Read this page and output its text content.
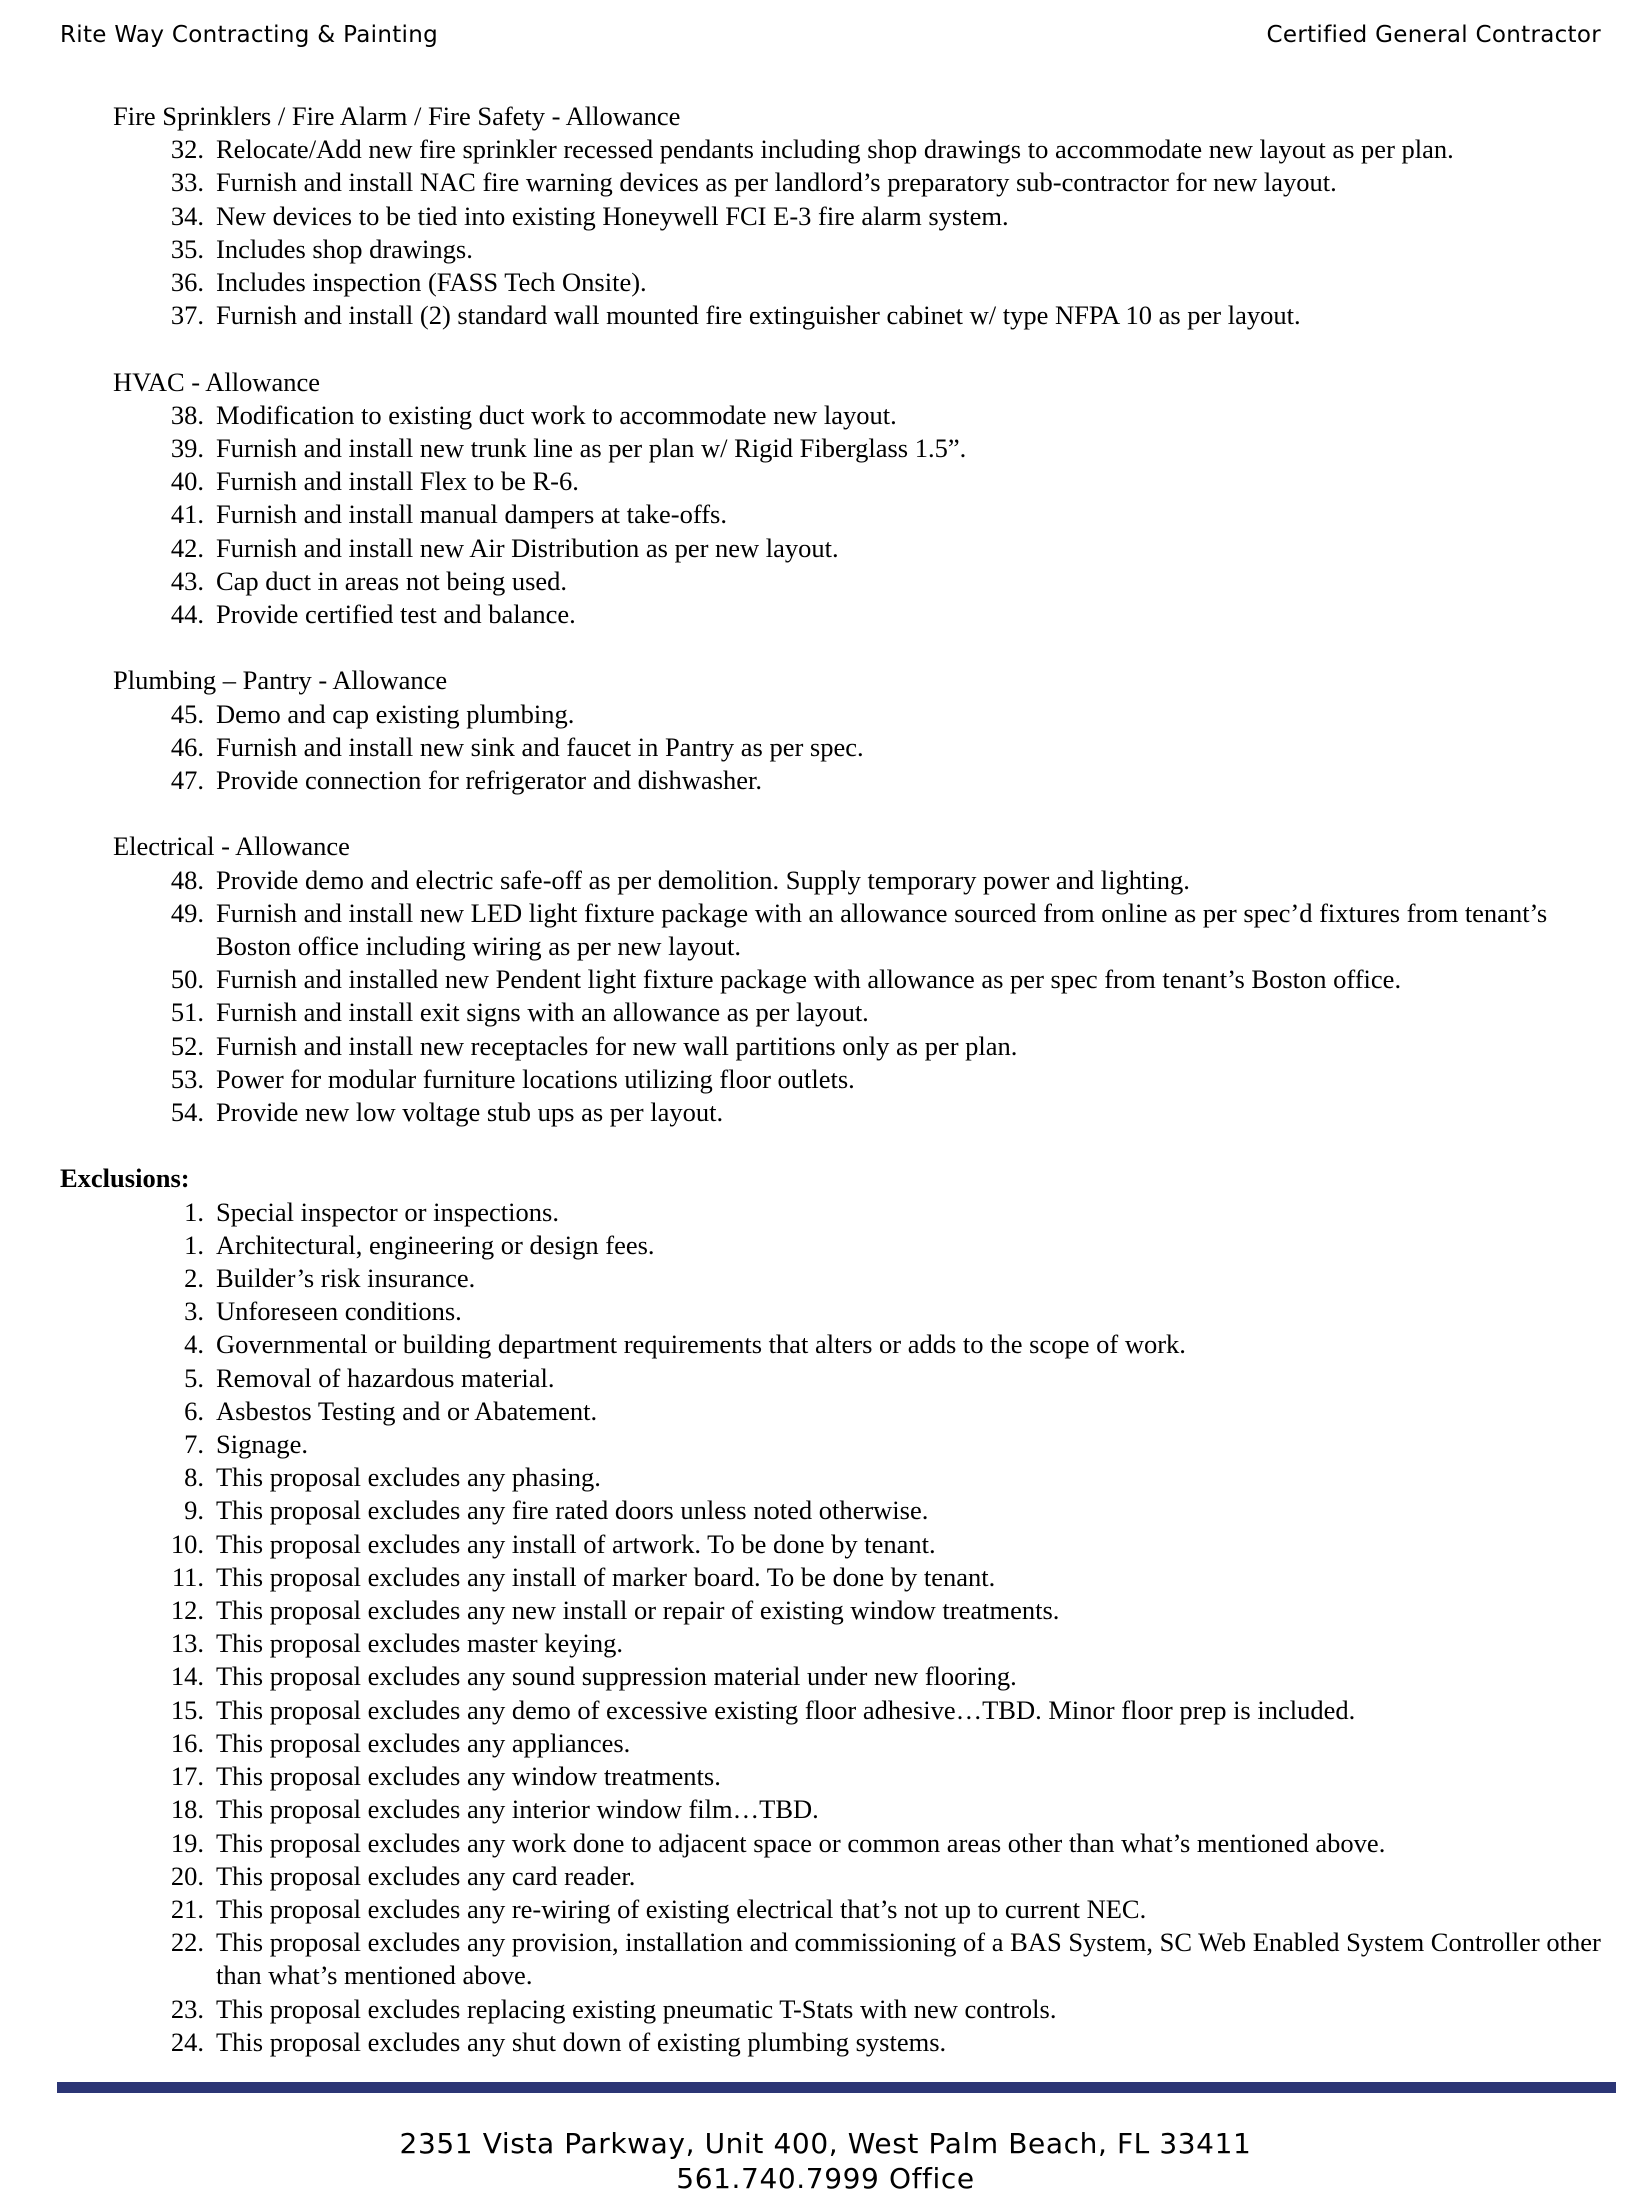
Rite Way Contracting & Painting	Certified General Contractor
Fire Sprinklers / Fire Alarm / Fire Safety - Allowance
32. Relocate/Add new fire sprinkler recessed pendants including shop drawings to accommodate new layout as per plan.
33. Furnish and install NAC fire warning devices as per landlord’s preparatory sub-contractor for new layout.
34. New devices to be tied into existing Honeywell FCI E-3 fire alarm system.
35. Includes shop drawings.
36. Includes inspection (FASS Tech Onsite).
37. Furnish and install (2) standard wall mounted fire extinguisher cabinet w/ type NFPA 10 as per layout.
HVAC - Allowance
38. Modification to existing duct work to accommodate new layout.
39. Furnish and install new trunk line as per plan w/ Rigid Fiberglass 1.5”.
40. Furnish and install Flex to be R-6.
41. Furnish and install manual dampers at take-offs.
42. Furnish and install new Air Distribution as per new layout.
43. Cap duct in areas not being used.
44. Provide certified test and balance.
Plumbing – Pantry - Allowance
45. Demo and cap existing plumbing.
46. Furnish and install new sink and faucet in Pantry as per spec.
47. Provide connection for refrigerator and dishwasher.
Electrical - Allowance
48. Provide demo and electric safe-off as per demolition. Supply temporary power and lighting.
49. Furnish and install new LED light fixture package with an allowance sourced from online as per spec’d fixtures from tenant’s Boston office including wiring as per new layout.
50. Furnish and installed new Pendent light fixture package with allowance as per spec from tenant’s Boston office.
51. Furnish and install exit signs with an allowance as per layout.
52. Furnish and install new receptacles for new wall partitions only as per plan.
53. Power for modular furniture locations utilizing floor outlets.
54. Provide new low voltage stub ups as per layout.
Exclusions:
1. Special inspector or inspections.
1. Architectural, engineering or design fees.
2. Builder’s risk insurance.
3. Unforeseen conditions.
4. Governmental or building department requirements that alters or adds to the scope of work.
5. Removal of hazardous material.
6. Asbestos Testing and or Abatement.
7. Signage.
8. This proposal excludes any phasing.
9. This proposal excludes any fire rated doors unless noted otherwise.
10. This proposal excludes any install of artwork. To be done by tenant.
11. This proposal excludes any install of marker board. To be done by tenant.
12. This proposal excludes any new install or repair of existing window treatments.
13. This proposal excludes master keying.
14. This proposal excludes any sound suppression material under new flooring.
15. This proposal excludes any demo of excessive existing floor adhesive…TBD. Minor floor prep is included.
16. This proposal excludes any appliances.
17. This proposal excludes any window treatments.
18. This proposal excludes any interior window film…TBD.
19. This proposal excludes any work done to adjacent space or common areas other than what’s mentioned above.
20. This proposal excludes any card reader.
21. This proposal excludes any re-wiring of existing electrical that’s not up to current NEC.
22. This proposal excludes any provision, installation and commissioning of a BAS System, SC Web Enabled System Controller other than what’s mentioned above.
23. This proposal excludes replacing existing pneumatic T-Stats with new controls.
24. This proposal excludes any shut down of existing plumbing systems.
2351 Vista Parkway, Unit 400, West Palm Beach, FL 33411
561.740.7999 Office
